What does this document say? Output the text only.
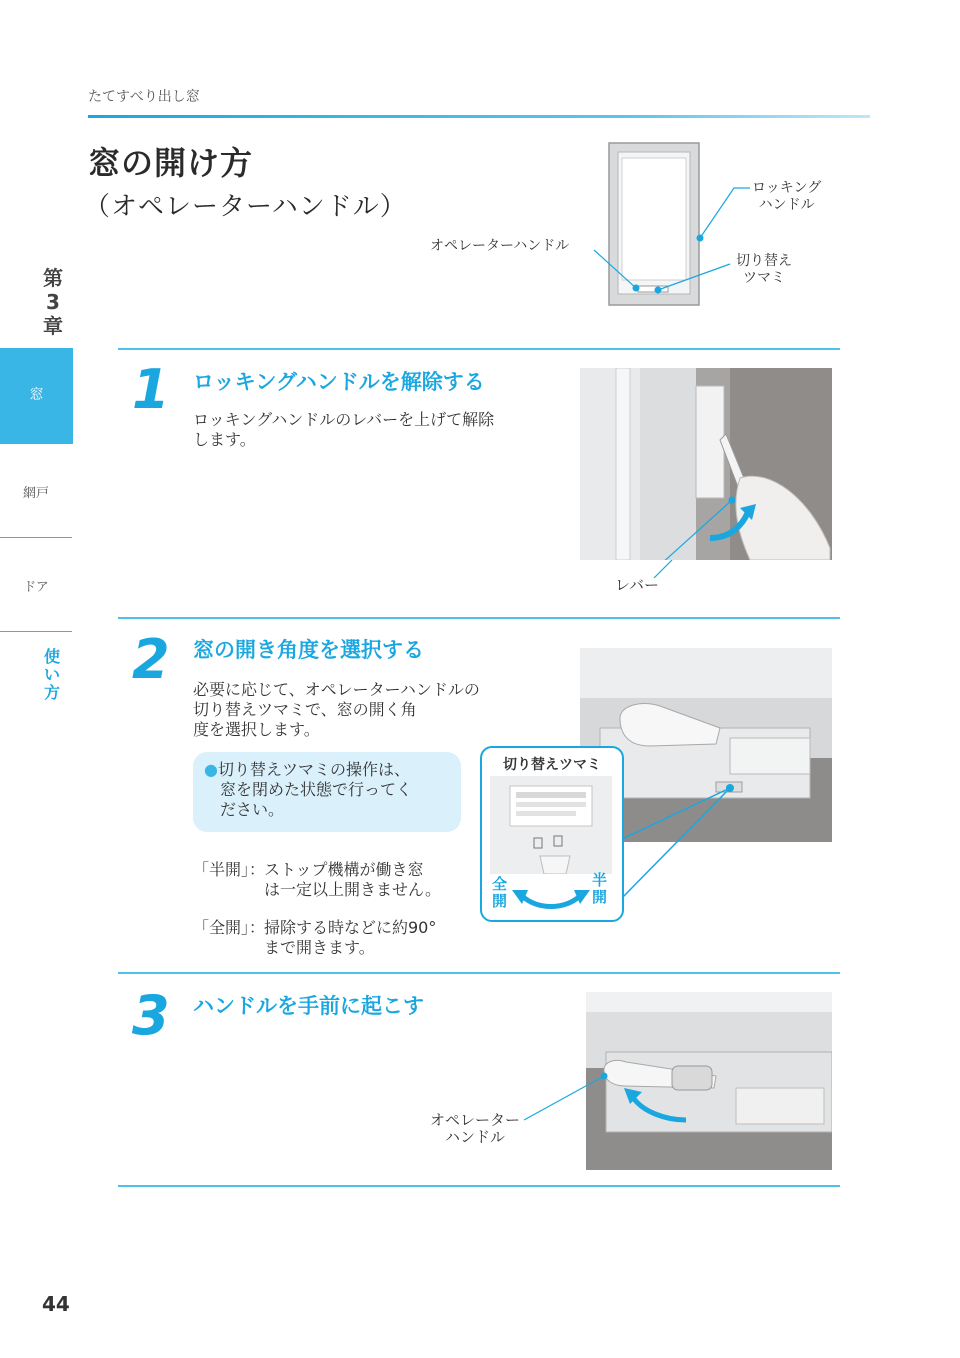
たてすべり出し窓
窓の開け方
（オペレーターハンドル）
第
3
章
窓
網戸
ドア
使
い
方
ロッキング
ハンドル
オペレーターハンドル
切り替え
ツマミ
1 ロッキングハンドルを解除する
ロッキングハンドルのレバーを上げて解除
します。
レバー
2 窓の開き角度を選択する
必要に応じて、オペレーターハンドルの
切り替えツマミで、窓の開く角
度を選択します。
●切り替えツマミの操作は、
窓を閉めた状態で行ってく
ださい。
「半開」：
ストップ機構が働き窓
は一定以上開きません。
「全開」：
掃除する時などに約90°
まで開きます。
切り替えツマミ
全
開
半
開
3 ハンドルを手前に起こす
オペレーター
ハンドル
44
